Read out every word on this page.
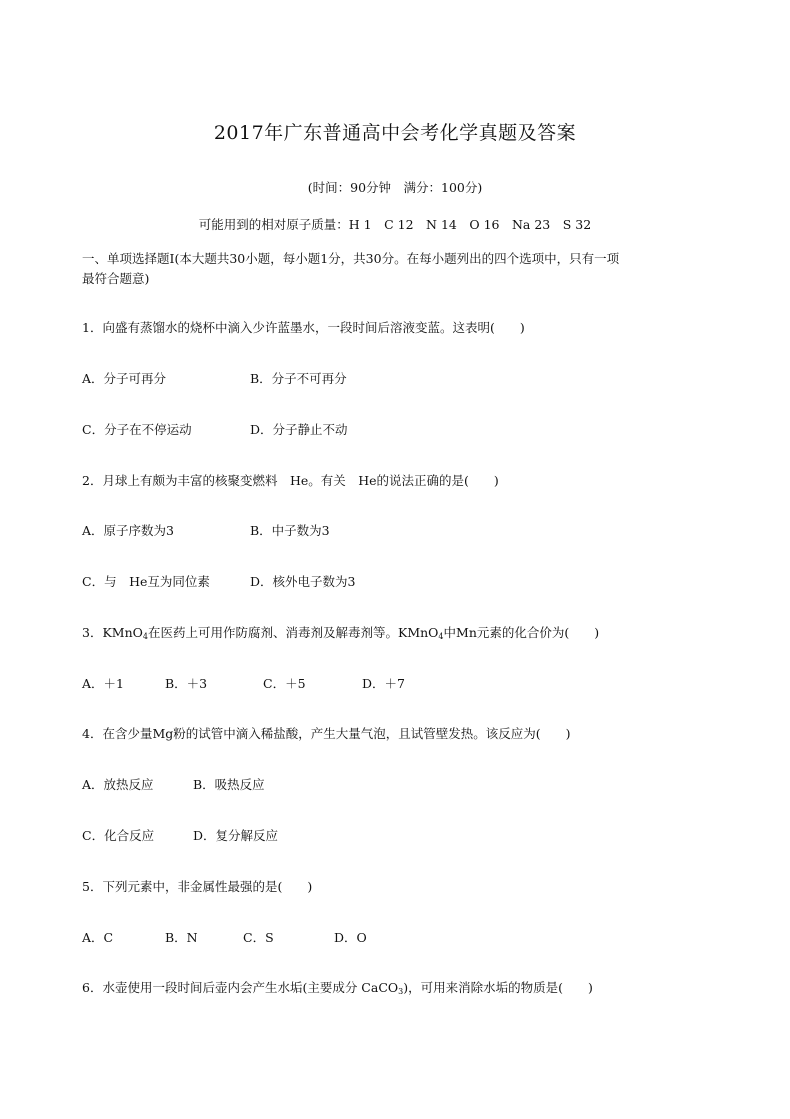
2017年广东普通高中会考化学真题及答案
(时间：90分钟　满分：100分)
可能用到的相对原子质量：H 1　C 12　N 14　O 16　Na 23　S 32
一、单项选择题Ⅰ(本大题共30小题，每小题1分，共30分。在每小题列出的四个选项中，只有一项
最符合题意)
1．向盛有蒸馏水的烧杯中滴入少许蓝墨水，一段时间后溶液变蓝。这表明(　　)
A．分子可再分	B．分子不可再分
C．分子在不停运动	D．分子静止不动
2．月球上有颇为丰富的核聚变燃料　He。有关　He的说法正确的是(　　)
A．原子序数为3	B．中子数为3
C．与　He互为同位素	D．核外电子数为3
3．KMnO$_4$在医药上可用作防腐剂、消毒剂及解毒剂等。KMnO$_4$中Mn元素的化合价为(　　)
A．＋1	B．＋3	C．＋5	D．＋7
4．在含少量Mg粉的试管中滴入稀盐酸，产生大量气泡，且试管壁发热。该反应为(　　)
A．放热反应	B．吸热反应
C．化合反应	D．复分解反应
5．下列元素中，非金属性最强的是(　　)
A．C	B．N	C．S	D．O
6．水壶使用一段时间后壶内会产生水垢(主要成分 CaCO$_3$)，可用来消除水垢的物质是(　　)
